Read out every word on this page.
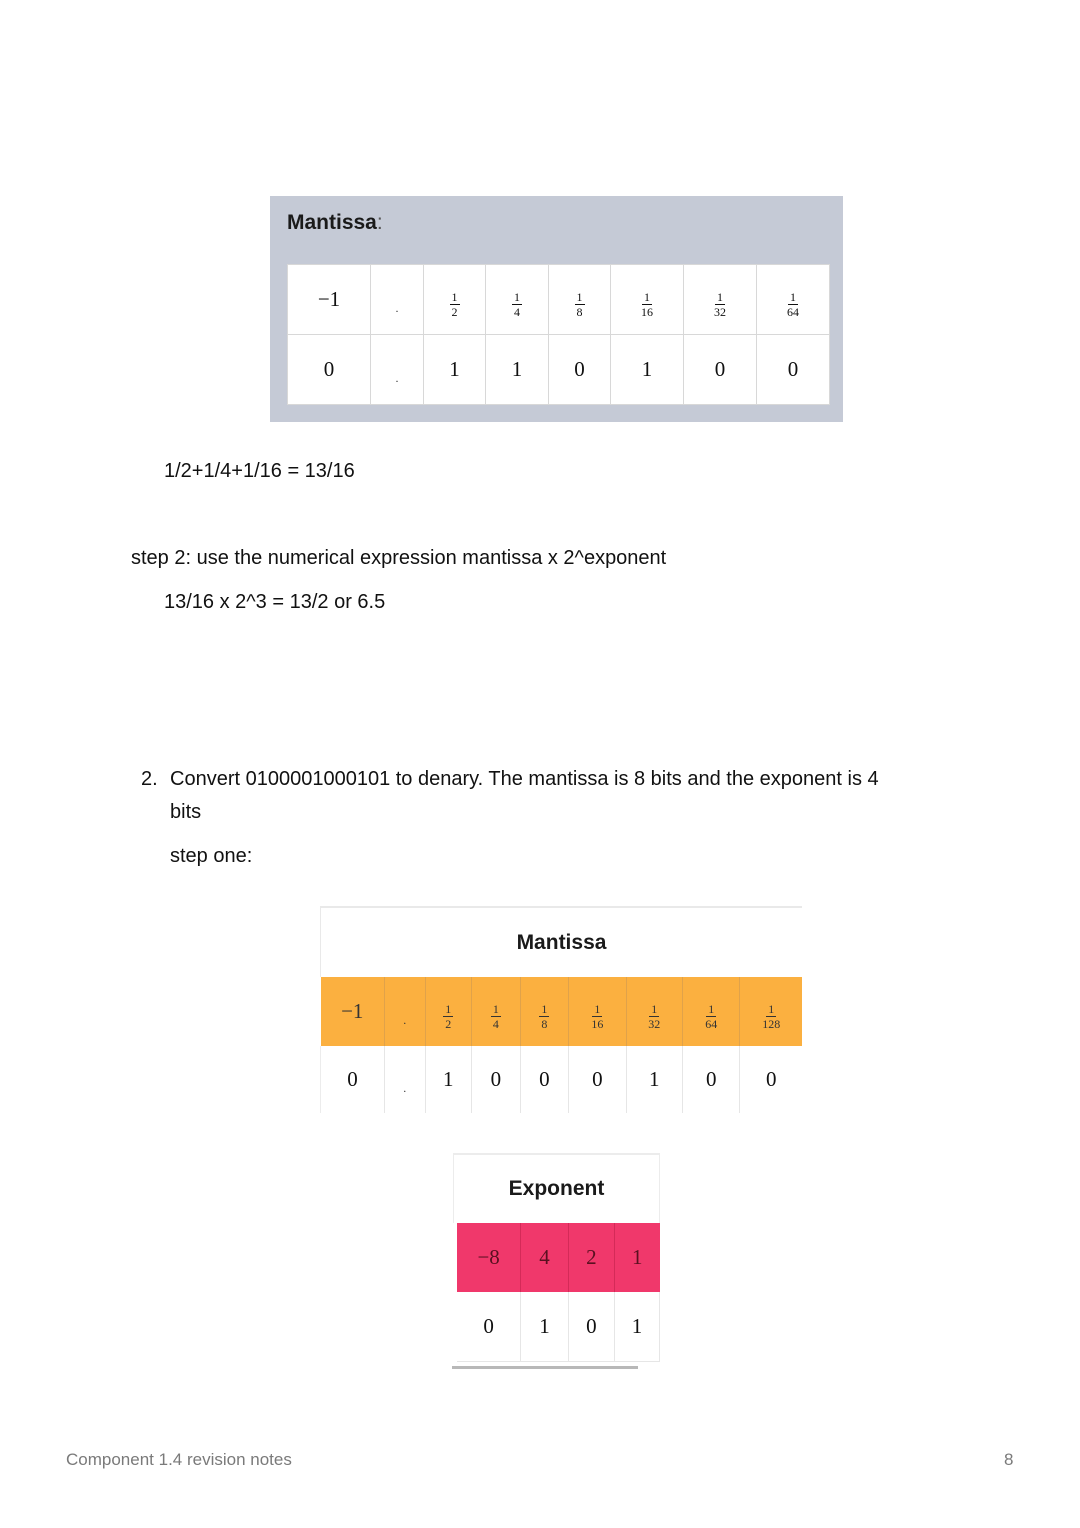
Mantissa:
−1	$_.$	$\frac{1}{2}$	$\frac{1}{4}$	$\frac{1}{8}$	$\frac{1}{16}$	$\frac{1}{32}$	$\frac{1}{64}$

0	$_.$	1	1	0	1	0	0
1/2+1/4+1/16 = 13/16
step 2: use the numerical expression mantissa x 2^exponent
13/16 x 2^3 = 13/2 or 6.5
2. Convert 0100001000101 to denary. The mantissa is 8 bits and the exponent is 4
bits
step one:
Mantissa
−1	$_.$	$\frac{1}{2}$	$\frac{1}{4}$	$\frac{1}{8}$	$\frac{1}{16}$	$\frac{1}{32}$	$\frac{1}{64}$	$\frac{1}{128}$

0	$_.$	1	0	0	0	1	0	0
Exponent
−8	4	2	1
0	1	0	1
Component 1.4 revision notes	8
